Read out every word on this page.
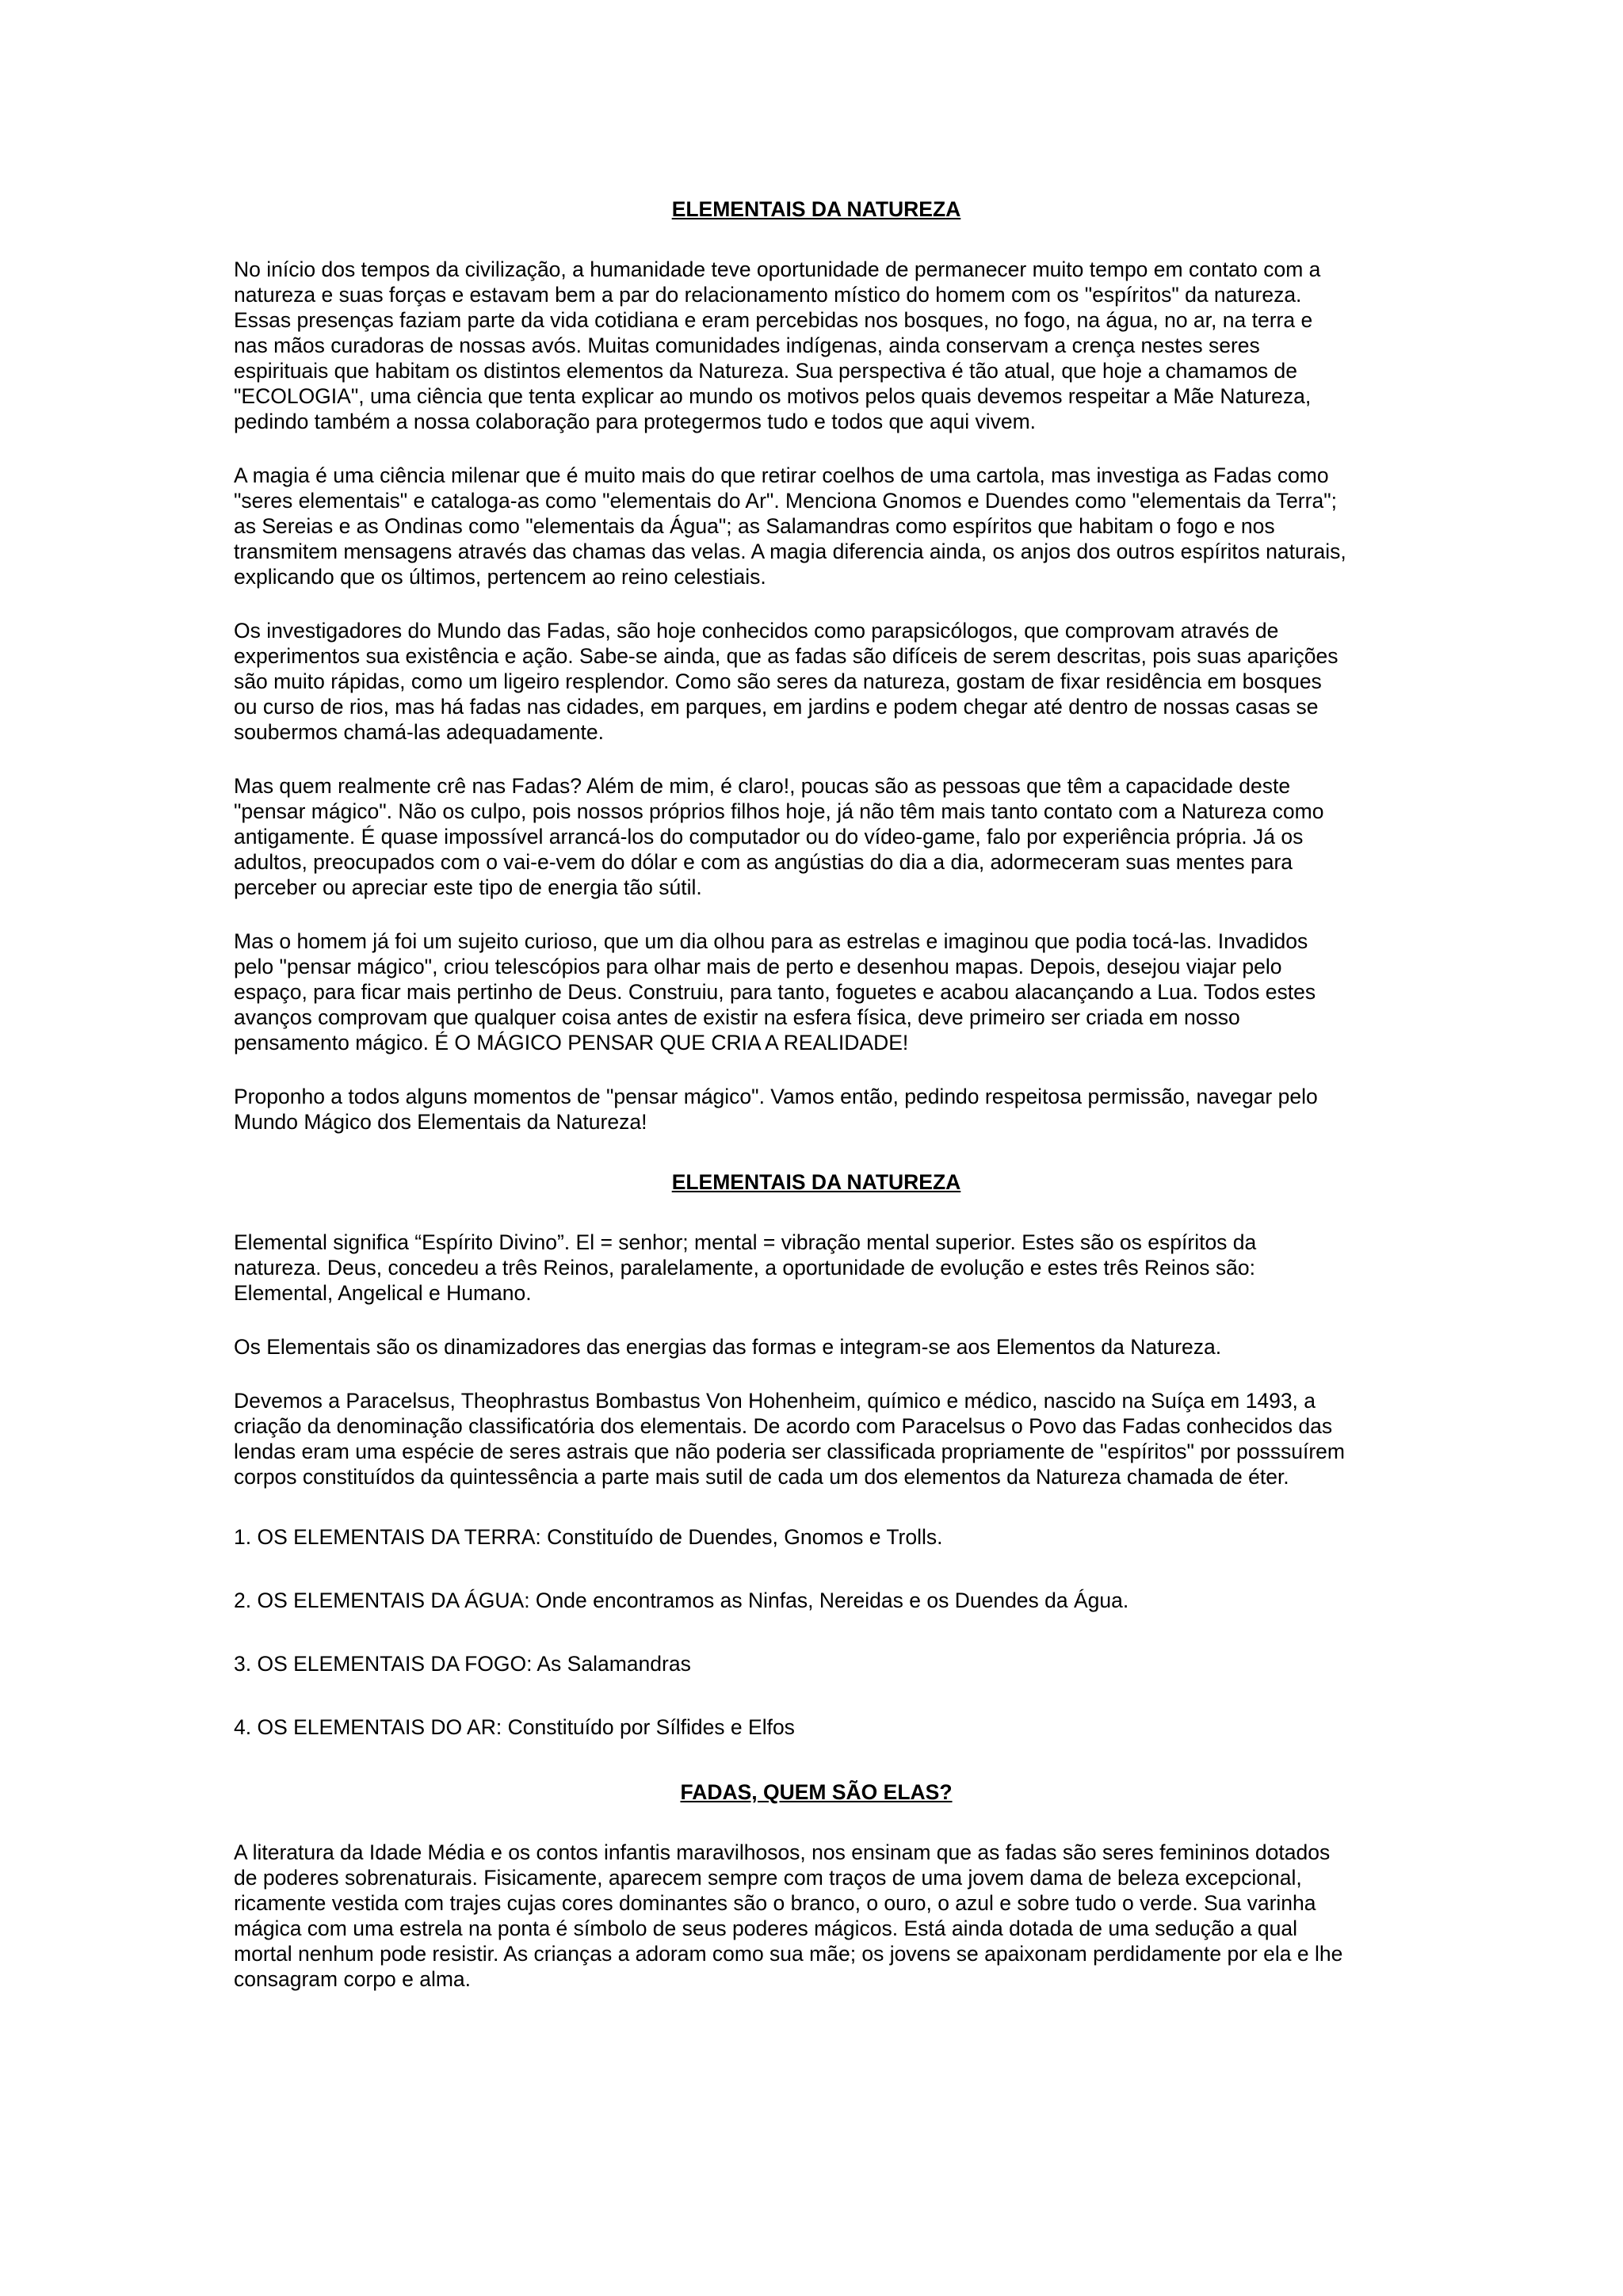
ELEMENTAIS DA NATUREZA

No início dos tempos da civilização, a humanidade teve oportunidade de permanecer muito tempo em contato com a
natureza e suas forças e estavam bem a par do relacionamento místico do homem com os "espíritos" da natureza.
Essas presenças faziam parte da vida cotidiana e eram percebidas nos bosques, no fogo, na água, no ar, na terra e
nas mãos curadoras de nossas avós. Muitas comunidades indígenas, ainda conservam a crença nestes seres
espirituais que habitam os distintos elementos da Natureza. Sua perspectiva é tão atual, que hoje a chamamos de
"ECOLOGIA", uma ciência que tenta explicar ao mundo os motivos pelos quais devemos respeitar a Mãe Natureza,
pedindo também a nossa colaboração para protegermos tudo e todos que aqui vivem.

A magia é uma ciência milenar que é muito mais do que retirar coelhos de uma cartola, mas investiga as Fadas como
"seres elementais" e cataloga-as como "elementais do Ar". Menciona Gnomos e Duendes como "elementais da Terra";
as Sereias e as Ondinas como "elementais da Água"; as Salamandras como espíritos que habitam o fogo e nos
transmitem mensagens através das chamas das velas. A magia diferencia ainda, os anjos dos outros espíritos naturais,
explicando que os últimos, pertencem ao reino celestiais.

Os investigadores do Mundo das Fadas, são hoje conhecidos como parapsicólogos, que comprovam através de
experimentos sua existência e ação. Sabe-se ainda, que as fadas são difíceis de serem descritas, pois suas aparições
são muito rápidas, como um ligeiro resplendor. Como são seres da natureza, gostam de fixar residência em bosques
ou curso de rios, mas há fadas nas cidades, em parques, em jardins e podem chegar até dentro de nossas casas se
soubermos chamá-las adequadamente.

Mas quem realmente crê nas Fadas? Além de mim, é claro!, poucas são as pessoas que têm a capacidade deste
"pensar mágico". Não os culpo, pois nossos próprios filhos hoje, já não têm mais tanto contato com a Natureza como
antigamente. É quase impossível arrancá-los do computador ou do vídeo-game, falo por experiência própria. Já os
adultos, preocupados com o vai-e-vem do dólar e com as angústias do dia a dia, adormeceram suas mentes para
perceber ou apreciar este tipo de energia tão sútil.

Mas o homem já foi um sujeito curioso, que um dia olhou para as estrelas e imaginou que podia tocá-las. Invadidos
pelo "pensar mágico", criou telescópios para olhar mais de perto e desenhou mapas. Depois, desejou viajar pelo
espaço, para ficar mais pertinho de Deus. Construiu, para tanto, foguetes e acabou alacançando a Lua. Todos estes
avanços comprovam que qualquer coisa antes de existir na esfera física, deve primeiro ser criada em nosso
pensamento mágico. É O MÁGICO PENSAR QUE CRIA A REALIDADE!

Proponho a todos alguns momentos de "pensar mágico". Vamos então, pedindo respeitosa permissão, navegar pelo
Mundo Mágico dos Elementais da Natureza!

ELEMENTAIS DA NATUREZA

Elemental significa “Espírito Divino”. El = senhor; mental = vibração mental superior. Estes são os espíritos da
natureza. Deus, concedeu a três Reinos, paralelamente, a oportunidade de evolução e estes três Reinos são:
Elemental, Angelical e Humano.

Os Elementais são os dinamizadores das energias das formas e integram-se aos Elementos da Natureza.

Devemos a Paracelsus, Theophrastus Bombastus Von Hohenheim, químico e médico, nascido na Suíça em 1493, a
criação da denominação classificatória dos elementais. De acordo com Paracelsus o Povo das Fadas conhecidos das
lendas eram uma espécie de seres astrais que não poderia ser classificada propriamente de "espíritos" por posssuírem
corpos constituídos da quintessência a parte mais sutil de cada um dos elementos da Natureza chamada de éter.

1. OS ELEMENTAIS DA TERRA: Constituído de Duendes, Gnomos e Trolls.

2. OS ELEMENTAIS DA ÁGUA: Onde encontramos as Ninfas, Nereidas e os Duendes da Água.

3. OS ELEMENTAIS DA FOGO: As Salamandras

4. OS ELEMENTAIS DO AR: Constituído por Sílfides e Elfos

FADAS, QUEM SÃO ELAS?

A literatura da Idade Média e os contos infantis maravilhosos, nos ensinam que as fadas são seres femininos dotados
de poderes sobrenaturais. Fisicamente, aparecem sempre com traços de uma jovem dama de beleza excepcional,
ricamente vestida com trajes cujas cores dominantes são o branco, o ouro, o azul e sobre tudo o verde. Sua varinha
mágica com uma estrela na ponta é símbolo de seus poderes mágicos. Está ainda dotada de uma sedução a qual
mortal nenhum pode resistir. As crianças a adoram como sua mãe; os jovens se apaixonam perdidamente por ela e lhe
consagram corpo e alma.
